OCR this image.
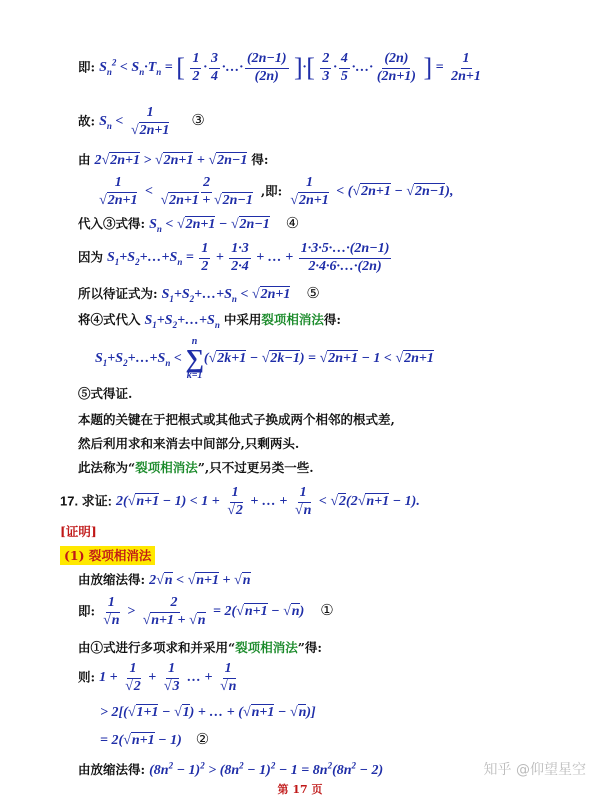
即: $S_n^2 < S_n\cdot T_n$ = [ $\frac{1}{2} \cdot \frac{3}{4}$ ·…· $\frac{(2n-1)}{(2n)}$ ]·[ $\frac{2}{3} \cdot \frac{4}{5}$ ·…· $\frac{(2n)}{(2n+1)}$ ] = $\frac{1}{2n+1}$
故: $S_n < \frac{1}{√2n+1}$ ③
由 2√2n+1 > √2n+1 + √2n−1 得:
$\frac{1}{√2n+1} < \frac{2}{√2n+1 + √2n-1}$ ,即: $\frac{1}{√2n+1} < (√2n+1 - √2n-1)$,
代入③式得: $S_n < √2n+1 - √2n-1$ ④
因为 $S_1+S_2+\dots+S_n = \frac{1}{2} + \frac{1\cdot 3}{2\cdot 4}$ + … + $\frac{1\cdot 3\cdot 5\cdot\dots\cdot(2n-1)}{2\cdot 4\cdot 6\cdot\dots\cdot(2n)}$
所以待证式为: $S_1+S_2+\dots+S_n < √2n+1$ ⑤
将④式代入 $S_1+S_2+\dots+S_n$ 中采用裂项相消法得:
$S_1+S_2+\dots+S_n$ <
n
∑
k=1
(√2k+1 − √2k−1) = √2n+1 − 1 < √2n+1
⑤式得证.
本题的关键在于把根式或其他式子换成两个相邻的根式差,
然后利用求和来消去中间部分,只剩两头.
此法称为“裂项相消法”,只不过更另类一些.
17. 求证: $2(√n+1 - 1) < 1 + \frac{1}{√2}$ + … + $\frac{1}{√n} < √2(2√n+1 - 1)$.
[证明]
(1) 裂项相消法
由放缩法得: 2√n < √n+1 + √n
即: $\frac{1}{√n} > \frac{2}{√n+1 + √n} = 2(√n+1 - √n)$ ①
由①式进行多项求和并采用“裂项相消法”得:
则: $1 + \frac{1}{√2} + \frac{1}{√3}$ … + $\frac{1}{√n}$
> 2[(√1+1 − √1) + … + (√n+1 − √n)]
= 2(√n+1 − 1) ②
由放缩法得: $(8n^2 - 1)^2 > (8n^2 - 1)^2 - 1 = 8n^2(8n^2 - 2)$	知乎 @仰望星空
第 17 页
